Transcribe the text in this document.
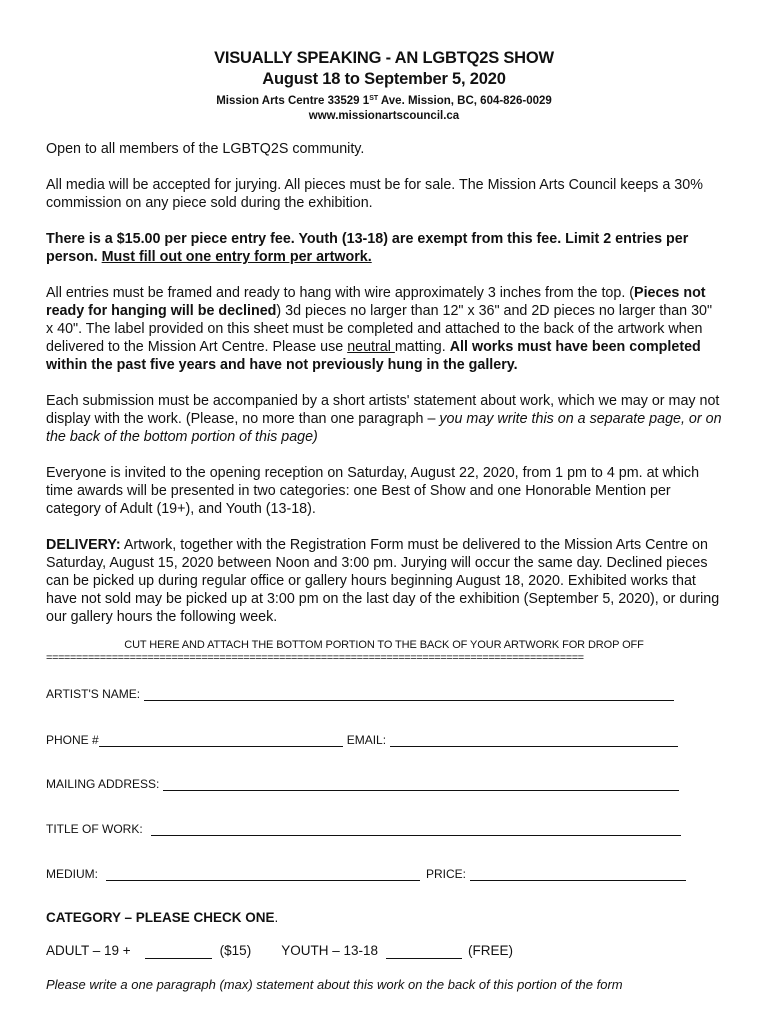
VISUALLY SPEAKING - AN LGBTQ2S SHOW
August 18 to September 5, 2020
Mission Arts Centre 33529 1ST Ave. Mission, BC, 604-826-0029
www.missionartscouncil.ca

Open to all members of the LGBTQ2S community.

All media will be accepted for jurying. All pieces must be for sale. The Mission Arts Council keeps a 30% commission on any piece sold during the exhibition.

There is a $15.00 per piece entry fee. Youth (13-18) are exempt from this fee. Limit 2 entries per person. Must fill out one entry form per artwork.

All entries must be framed and ready to hang with wire approximately 3 inches from the top. (Pieces not ready for hanging will be declined) 3d pieces no larger than 12" x 36" and 2D pieces no larger than 30" x 40". The label provided on this sheet must be completed and attached to the back of the artwork when delivered to the Mission Art Centre. Please use neutral matting. All works must have been completed within the past five years and have not previously hung in the gallery.

Each submission must be accompanied by a short artists' statement about work, which we may or may not display with the work. (Please, no more than one paragraph – you may write this on a separate page, or on the back of the bottom portion of this page)

Everyone is invited to the opening reception on Saturday, August 22, 2020, from 1 pm to 4 pm. at which time awards will be presented in two categories: one Best of Show and one Honorable Mention per category of Adult (19+), and Youth (13-18).

DELIVERY: Artwork, together with the Registration Form must be delivered to the Mission Arts Centre on Saturday, August 15, 2020 between Noon and 3:00 pm. Jurying will occur the same day. Declined pieces can be picked up during regular office or gallery hours beginning August 18, 2020. Exhibited works that have not sold may be picked up at 3:00 pm on the last day of the exhibition (September 5, 2020), or during our gallery hours the following week.

CUT HERE AND ATTACH THE BOTTOM PORTION TO THE BACK OF YOUR ARTWORK FOR DROP OFF
==========================================================================================
ARTIST'S NAME:
PHONE #	EMAIL:
MAILING ADDRESS:
TITLE OF WORK:
MEDIUM:	PRICE:
CATEGORY – PLEASE CHECK ONE.
ADULT – 19 +	($15) YOUTH – 13-18	(FREE)
Please write a one paragraph (max) statement about this work on the back of this portion of the form
